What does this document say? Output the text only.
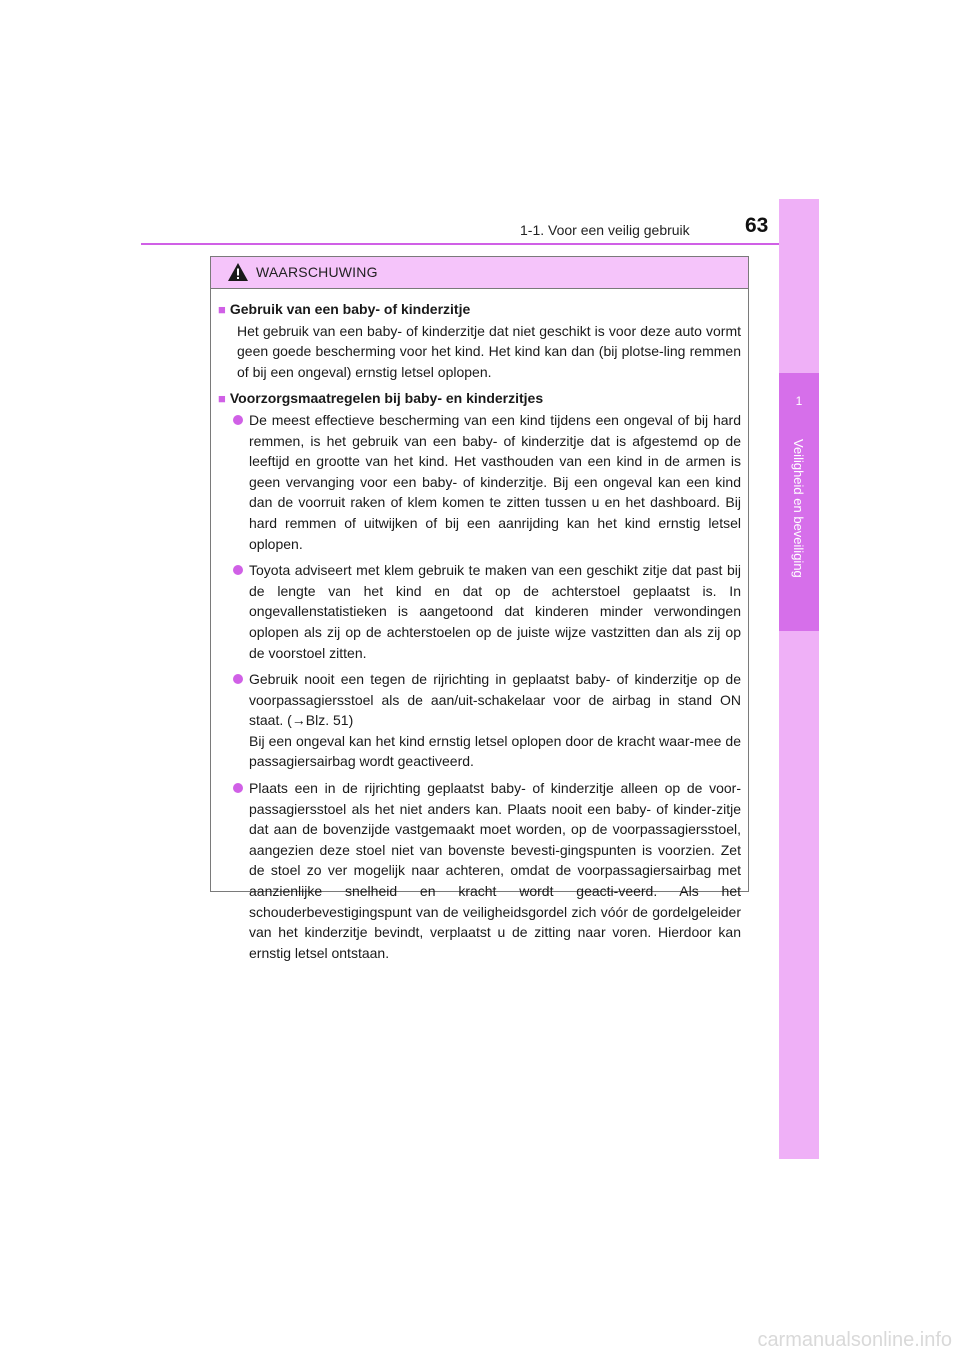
1-1. Voor een veilig gebruik	63
1
Veiligheid en beveiliging
WAARSCHUWING
■ Gebruik van een baby- of kinderzitje
Het gebruik van een baby- of kinderzitje dat niet geschikt is voor deze auto vormt geen goede bescherming voor het kind. Het kind kan dan (bij plotse-ling remmen of bij een ongeval) ernstig letsel oplopen.
■ Voorzorgsmaatregelen bij baby- en kinderzitjes
De meest effectieve bescherming van een kind tijdens een ongeval of bij hard remmen, is het gebruik van een baby- of kinderzitje dat is afgestemd op de leeftijd en grootte van het kind. Het vasthouden van een kind in de armen is geen vervanging voor een baby- of kinderzitje. Bij een ongeval kan een kind dan de voorruit raken of klem komen te zitten tussen u en het dashboard. Bij hard remmen of uitwijken of bij een aanrijding kan het kind ernstig letsel oplopen.
Toyota adviseert met klem gebruik te maken van een geschikt zitje dat past bij de lengte van het kind en dat op de achterstoel geplaatst is. In ongevallenstatistieken is aangetoond dat kinderen minder verwondingen oplopen als zij op de achterstoelen op de juiste wijze vastzitten dan als zij op de voorstoel zitten.
Gebruik nooit een tegen de rijrichting in geplaatst baby- of kinderzitje op de voorpassagiersstoel als de aan/uit-schakelaar voor de airbag in stand ON staat. (→Blz. 51)
Bij een ongeval kan het kind ernstig letsel oplopen door de kracht waar-mee de passagiersairbag wordt geactiveerd.
Plaats een in de rijrichting geplaatst baby- of kinderzitje alleen op de voor-passagiersstoel als het niet anders kan. Plaats nooit een baby- of kinder-zitje dat aan de bovenzijde vastgemaakt moet worden, op de voorpassagiersstoel, aangezien deze stoel niet van bovenste bevesti-gingspunten is voorzien. Zet de stoel zo ver mogelijk naar achteren, omdat de voorpassagiersairbag met aanzienlijke snelheid en kracht wordt geacti-veerd. Als het schouderbevestigingspunt van de veiligheidsgordel zich vóór de gordelgeleider van het kinderzitje bevindt, verplaatst u de zitting naar voren. Hierdoor kan ernstig letsel ontstaan.
carmanualsonline.info
